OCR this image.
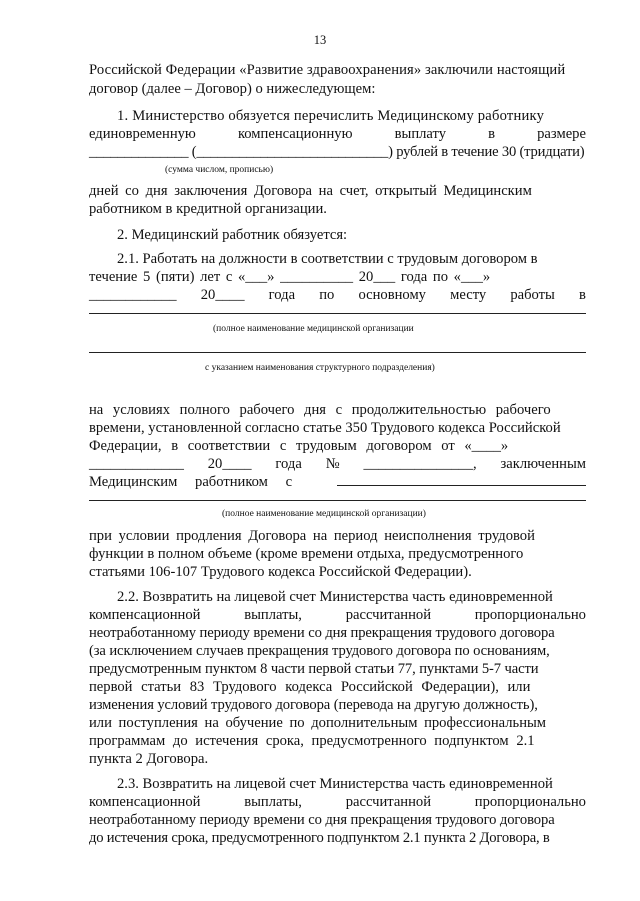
13
Российской Федерации «Развитие здравоохранения» заключили настоящий
договор (далее – Договор) о нижеследующем:
1. Министерство обязуется перечислить Медицинскому работнику
единовременную	компенсационную	выплату	в	размере
______________ (___________________________) рублей в течение 30 (тридцати)
(сумма числом, прописью)
дней со дня заключения Договора на счет, открытый Медицинским
работником в кредитной организации.
2. Медицинский работник обязуется:
2.1. Работать на должности в соответствии с трудовым договором в
течение 5 (пяти) лет с «___» __________ 20___ года по «___»
____________ 20____ года по основному месту работы в
(полное наименование медицинской организации
с указанием наименования структурного подразделения)
на условиях полного рабочего дня с продолжительностью рабочего
времени, установленной согласно статье 350 Трудового кодекса Российской
Федерации, в соответствии с трудовым договором от «____»
_____________ 20____ года № _______________, заключенным
Медицинским работником с
(полное наименование медицинской организации)
при условии продления Договора на период неисполнения трудовой
функции в полном объеме (кроме времени отдыха, предусмотренного
статьями 106-107 Трудового кодекса Российской Федерации).
2.2. Возвратить на лицевой счет Министерства часть единовременной
компенсационной	выплаты,	рассчитанной	пропорционально
неотработанному периоду времени со дня прекращения трудового договора
(за исключением случаев прекращения трудового договора по основаниям,
предусмотренным пунктом 8 части первой статьи 77, пунктами 5-7 части
первой статьи 83 Трудового кодекса Российской Федерации), или
изменения условий трудового договора (перевода на другую должность),
или поступления на обучение по дополнительным профессиональным
программам до истечения срока, предусмотренного подпунктом 2.1
пункта 2 Договора.
2.3. Возвратить на лицевой счет Министерства часть единовременной
компенсационной	выплаты,	рассчитанной	пропорционально
неотработанному периоду времени со дня прекращения трудового договора
до истечения срока, предусмотренного подпунктом 2.1 пункта 2 Договора, в
